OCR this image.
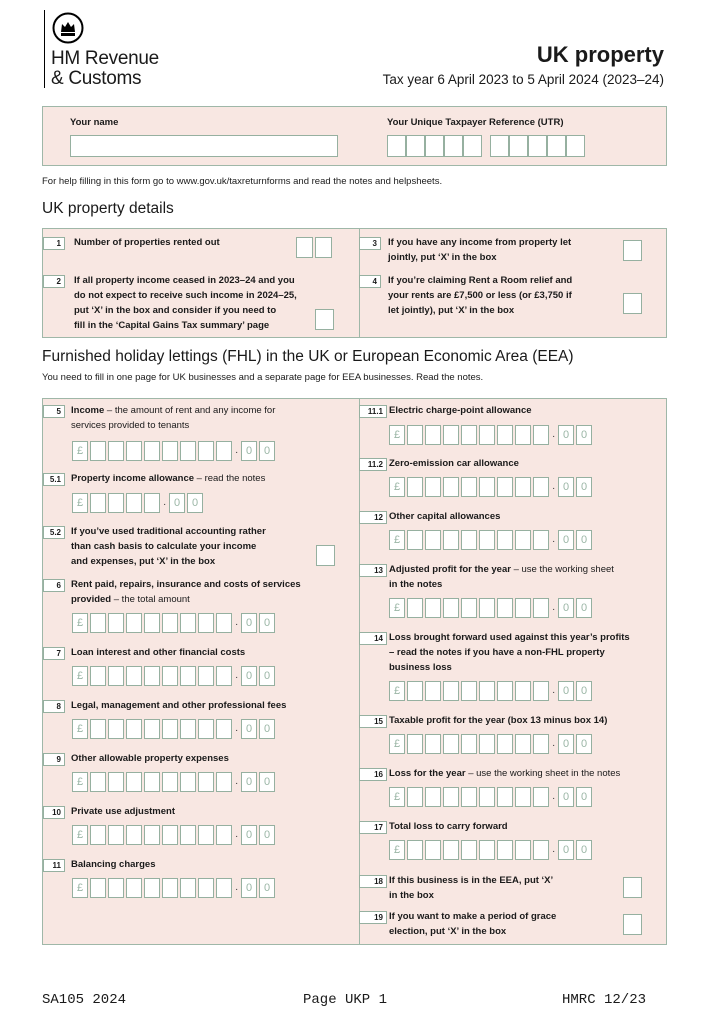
HM Revenue
& Customs
UK property
Tax year 6 April 2023 to 5 April 2024 (2023–24)
Your name	Your Unique Taxpayer Reference (UTR)
For help filling in this form go to www.gov.uk/taxreturnforms and read the notes and helpsheets.
UK property details
1	Number of properties rented out
2	If all property income ceased in 2023–24 and you
do not expect to receive such income in 2024–25,
put ‘X’ in the box and consider if you need to
fill in the ‘Capital Gains Tax summary’ page
3	If you have any income from property let
jointly, put ‘X’ in the box
4	If you’re claiming Rent a Room relief and
your rents are £7,500 or less (or £3,750 if
let jointly), put ‘X’ in the box
Furnished holiday lettings (FHL) in the UK or European Economic Area (EEA)
You need to fill in one page for UK businesses and a separate page for EEA businesses. Read the notes.
5	Income – the amount of rent and any income for
services provided to tenants
£	· 0	0
5.1	Property income allowance – read the notes
£	· 0	0
5.2	If you’ve used traditional accounting rather
than cash basis to calculate your income
and expenses, put ‘X’ in the box
6	Rent paid, repairs, insurance and costs of services
provided – the total amount
£	· 0	0
7	Loan interest and other financial costs
£	· 0	0
8	Legal, management and other professional fees
£	· 0	0
9	Other allowable property expenses
£	· 0	0
10	Private use adjustment
£	· 0	0
11	Balancing charges
£	· 0	0
11.1 Electric charge-point allowance
£	· 0	0
11.2 Zero-emission car allowance
£	· 0	0
12 Other capital allowances
£	· 0	0
13 Adjusted profit for the year – use the working sheet
in the notes
£	· 0	0
14 Loss brought forward used against this year’s profits
– read the notes if you have a non-FHL property
business loss
£	· 0	0
15 Taxable profit for the year (box 13 minus box 14)
£	· 0	0
16 Loss for the year – use the working sheet in the notes
£	· 0	0
17 Total loss to carry forward
£	· 0	0
18 If this business is in the EEA, put ‘X’
in the box
19 If you want to make a period of grace
election, put ‘X’ in the box
SA105 2024	Page UKP 1	HMRC 12/23
